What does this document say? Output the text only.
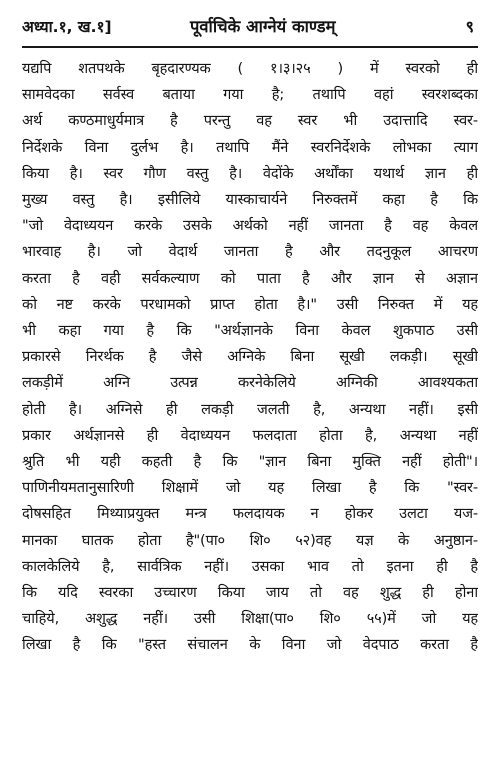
अध्या.१, ख.१]	पूर्वाचिके आग्नेयं काण्डम्	९
यद्यपि शतपथके बृहदारण्यक ( १।३।२५ ) में स्वरको ही
सामवेदका सर्वस्व बताया गया है; तथापि वहां स्वरशब्दका
अर्थ कण्ठमाधुर्यमात्र है परन्तु वह स्वर भी उदात्तादि स्वर-
निर्देशके विना दुर्लभ है। तथापि मैंने स्वरनिर्देशके लोभका त्याग
किया है। स्वर गौण वस्तु है। वेदोंके अर्थोंका यथार्थ ज्ञान ही
मुख्य वस्तु है। इसीलिये यास्काचार्यने निरुक्तमें कहा है कि
"जो वेदाध्ययन करके उसके अर्थको नहीं जानता है वह केवल
भारवाह है। जो वेदार्थ जानता है और तदनुकूल आचरण
करता है वही सर्वकल्याण को पाता है और ज्ञान से अज्ञान
को नष्ट करके परधामको प्राप्त होता है।" उसी निरुक्त में यह
भी कहा गया है कि "अर्थज्ञानके विना केवल शुकपाठ उसी
प्रकारसे निरर्थक है जैसे अग्निके बिना सूखी लकड़ी। सूखी
लकड़ीमें अग्नि उत्पन्न करनेकेलिये अग्निकी आवश्यकता
होती है। अग्निसे ही लकड़ी जलती है, अन्यथा नहीं। इसी
प्रकार अर्थज्ञानसे ही वेदाध्ययन फलदाता होता है, अन्यथा नहीं
श्रुति भी यही कहती है कि "ज्ञान बिना मुक्ति नहीं होती"।
पाणिनीयमतानुसारिणी शिक्षामें जो यह लिखा है कि "स्वर-
दोषसहित मिथ्याप्रयुक्त मन्त्र फलदायक न होकर उलटा यज-
मानका घातक होता है"(पा० शि० ५२)वह यज्ञ के अनुष्ठान-
कालकेलिये है, सार्वत्रिक नहीं। उसका भाव तो इतना ही है
कि यदि स्वरका उच्चारण किया जाय तो वह शुद्ध ही होना
चाहिये, अशुद्ध नहीं। उसी शिक्षा(पा० शि० ५५)में जो यह
लिखा है कि "हस्त संचालन के विना जो वेदपाठ करता है
